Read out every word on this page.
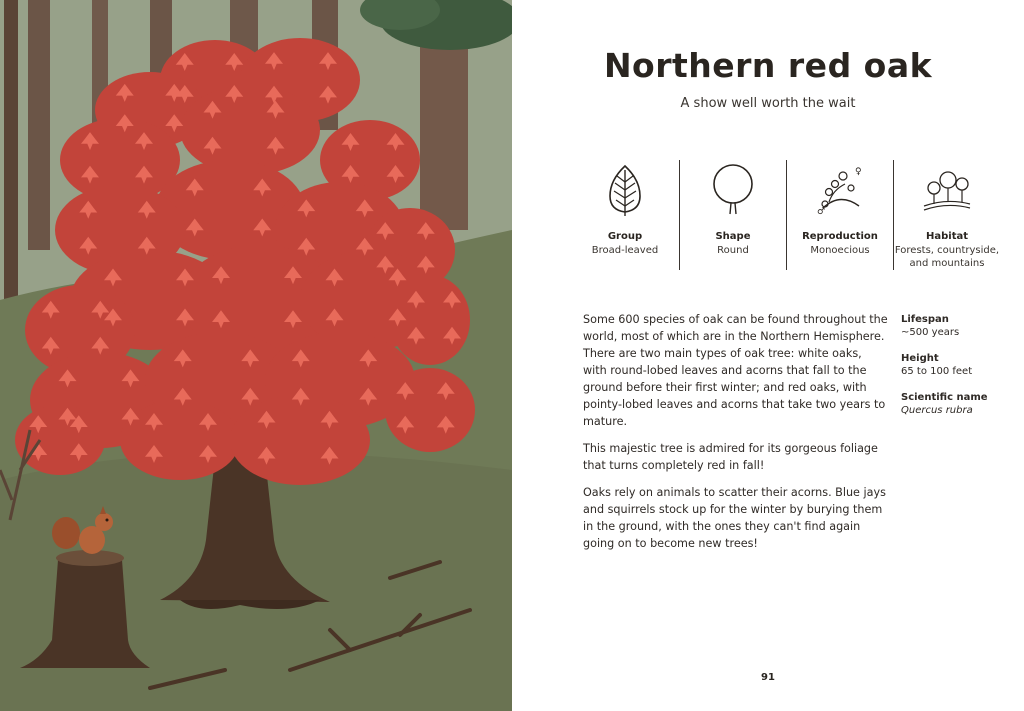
Northern red oak
A show well worth the wait
Group
Broad-leaved
Shape
Round
♀
♂
Reproduction
Monoecious
Habitat
Forests, countryside, and mountains

Some 600 species of oak can be found throughout the world, most of which are in the Northern Hemisphere. There are two main types of oak tree: white oaks, with round-lobed leaves and acorns that fall to the ground before their first winter; and red oaks, with pointy-lobed leaves and acorns that take two years to mature.

This majestic tree is admired for its gorgeous foliage that turns completely red in fall!

Oaks rely on animals to scatter their acorns. Blue jays and squirrels stock up for the winter by burying them in the ground, with the ones they can't find again going on to become new trees!

Lifespan
~500 years
Height
65 to 100 feet
Scientific name
Quercus rubra
91
